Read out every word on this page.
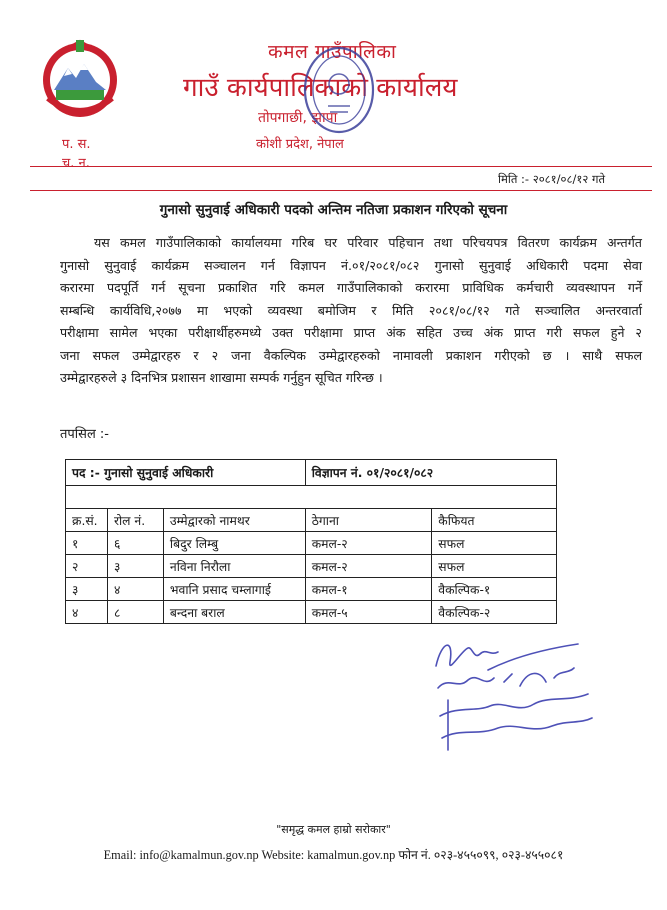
कमल गाउँपालिका
गाउँ कार्यपालिकाको कार्यालय
तोपगाछी, झापा
कोशी प्रदेश, नेपाल
प. स.
च. न.
मिति :- २०८१/०८/१२ गते
गुनासो सुनुवाई अधिकारी पदको अन्तिम नतिजा प्रकाशन गरिएको सूचना
यस कमल गाउँपालिकाको कार्यालयमा गरिब घर परिवार पहिचान तथा परिचयपत्र वितरण कार्यक्रम अन्तर्गत
गुनासो सुनुवाई कार्यक्रम सञ्चालन गर्न विज्ञापन नं.०१/२०८१/०८२ गुनासो सुनुवाई अधिकारी पदमा सेवा
करारमा पदपूर्ति गर्न सूचना प्रकाशित गरि कमल गाउँपालिकाको करारमा प्राविधिक कर्मचारी व्यवस्थापन गर्ने
सम्बन्धि कार्यविधि,२०७७ मा भएको व्यवस्था बमोजिम र मिति २०८१/०८/१२ गते सञ्चालित अन्तरवार्ता
परीक्षामा सामेल भएका परीक्षार्थीहरुमध्ये उक्त परीक्षामा प्राप्त अंक सहित उच्च अंक प्राप्त गरी सफल हुने २
जना सफल उम्मेद्वारहरु र २ जना वैकल्पिक उम्मेद्वारहरुको नामावली प्रकाशन गरीएको छ । साथै सफल
उम्मेद्वारहरुले ३ दिनभित्र प्रशासन शाखामा सम्पर्क गर्नुहुन सूचित गरिन्छ ।
तपसिल :-
पद :- गुनासो सुनुवाई अधिकारी			विज्ञापन नं. ०१/२०८१/०८२	

क्र.सं.	रोल नं.	उम्मेद्वारको नामथर	ठेगाना	कैफियत
१	६	बिदुर लिम्बु	कमल-२	सफल
२	३	नविना निरौला	कमल-२	सफल
३	४	भवानि प्रसाद चम्लागाई	कमल-१	वैकल्पिक-१
४	८	बन्दना बराल	कमल-५	वैकल्पिक-२
"समृद्ध कमल हाम्रो सरोकार"
Email: info@kamalmun.gov.np Website: kamalmun.gov.np फोन नं. ०२३-४५५०९९, ०२३-४५५०८१
